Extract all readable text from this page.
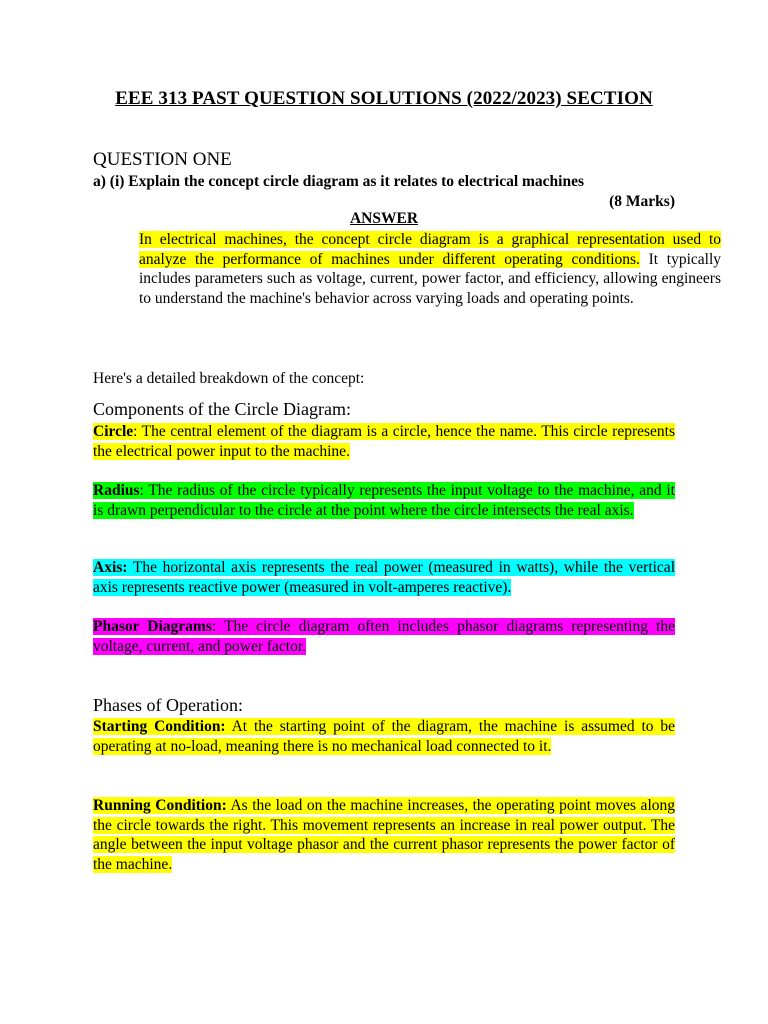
EEE 313 PAST QUESTION SOLUTIONS (2022/2023) SECTION
QUESTION ONE
a) (i) Explain the concept circle diagram as it relates to electrical machines
(8 Marks)
ANSWER
In electrical machines, the concept circle diagram is a graphical representation used to analyze the performance of machines under different operating conditions. It typically includes parameters such as voltage, current, power factor, and efficiency, allowing engineers to understand the machine's behavior across varying loads and operating points.
Here's a detailed breakdown of the concept:
Components of the Circle Diagram:
Circle: The central element of the diagram is a circle, hence the name. This circle represents the electrical power input to the machine.
Radius: The radius of the circle typically represents the input voltage to the machine, and it is drawn perpendicular to the circle at the point where the circle intersects the real axis.
Axis: The horizontal axis represents the real power (measured in watts), while the vertical axis represents reactive power (measured in volt-amperes reactive).
Phasor Diagrams: The circle diagram often includes phasor diagrams representing the voltage, current, and power factor.
Phases of Operation:
Starting Condition: At the starting point of the diagram, the machine is assumed to be operating at no-load, meaning there is no mechanical load connected to it.
Running Condition: As the load on the machine increases, the operating point moves along the circle towards the right. This movement represents an increase in real power output. The angle between the input voltage phasor and the current phasor represents the power factor of the machine.
